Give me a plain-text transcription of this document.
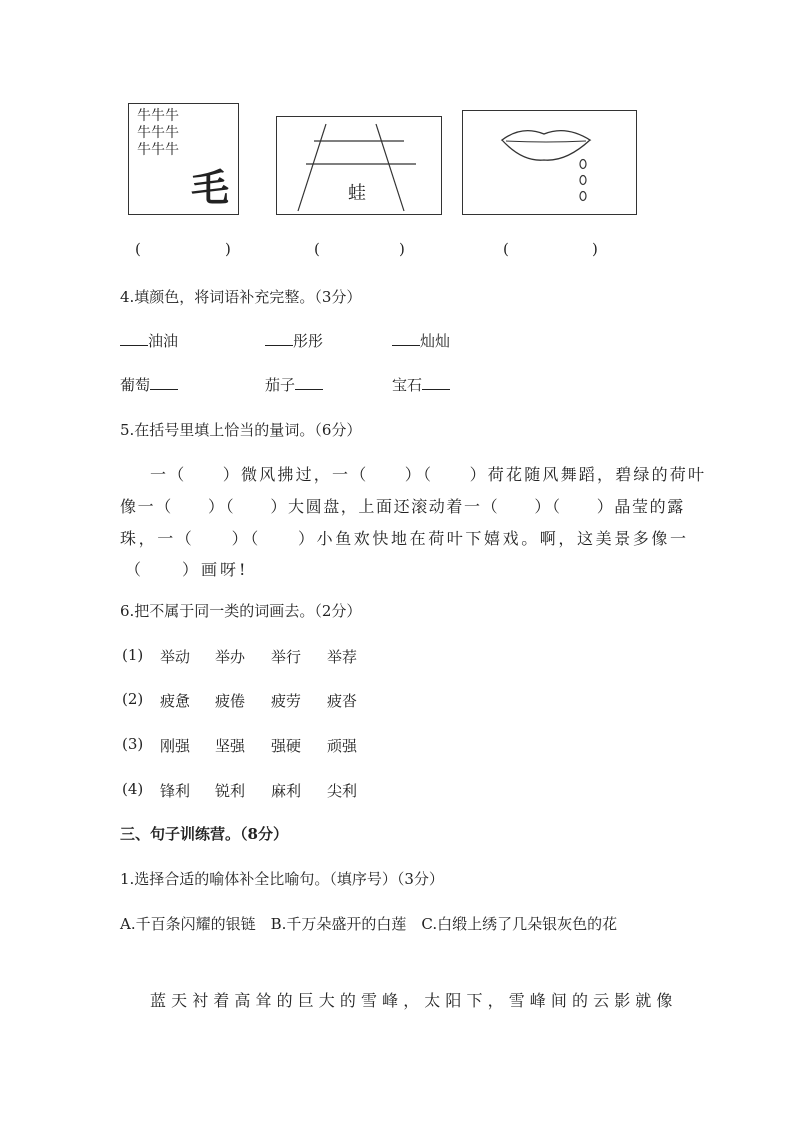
牛牛牛
牛牛牛
牛牛牛
毛	蛙
(	)	(	)	(	)
4.填颜色，将词语补充完整。（3分）
油油	彤彤	灿灿
葡萄	茄子	宝石
5.在括号里填上恰当的量词。（6分）
一（　　）微风拂过，一（　　）（　　）荷花随风舞蹈，碧绿的荷叶
像一（　　）（　　）大圆盘，上面还滚动着一（　　）（　　）晶莹的露
珠，一（　　）（　　）小鱼欢快地在荷叶下嬉戏。啊，这美景多像一
（　　）画呀!
6.把不属于同一类的词画去。（2分）
(1) 举动 举办 举行 举荐
(2) 疲惫 疲倦 疲劳 疲沓
(3) 刚强 坚强 强硬 顽强
(4) 锋利 锐利 麻利 尖利
三、句子训练营。（8分）
1.选择合适的喻体补全比喻句。（填序号）（3分）
A.千百条闪耀的银链　B.千万朵盛开的白莲　C.白缎上绣了几朵银灰色的花
蓝天衬着高耸的巨大的雪峰，太阳下，雪峰间的云影就像
